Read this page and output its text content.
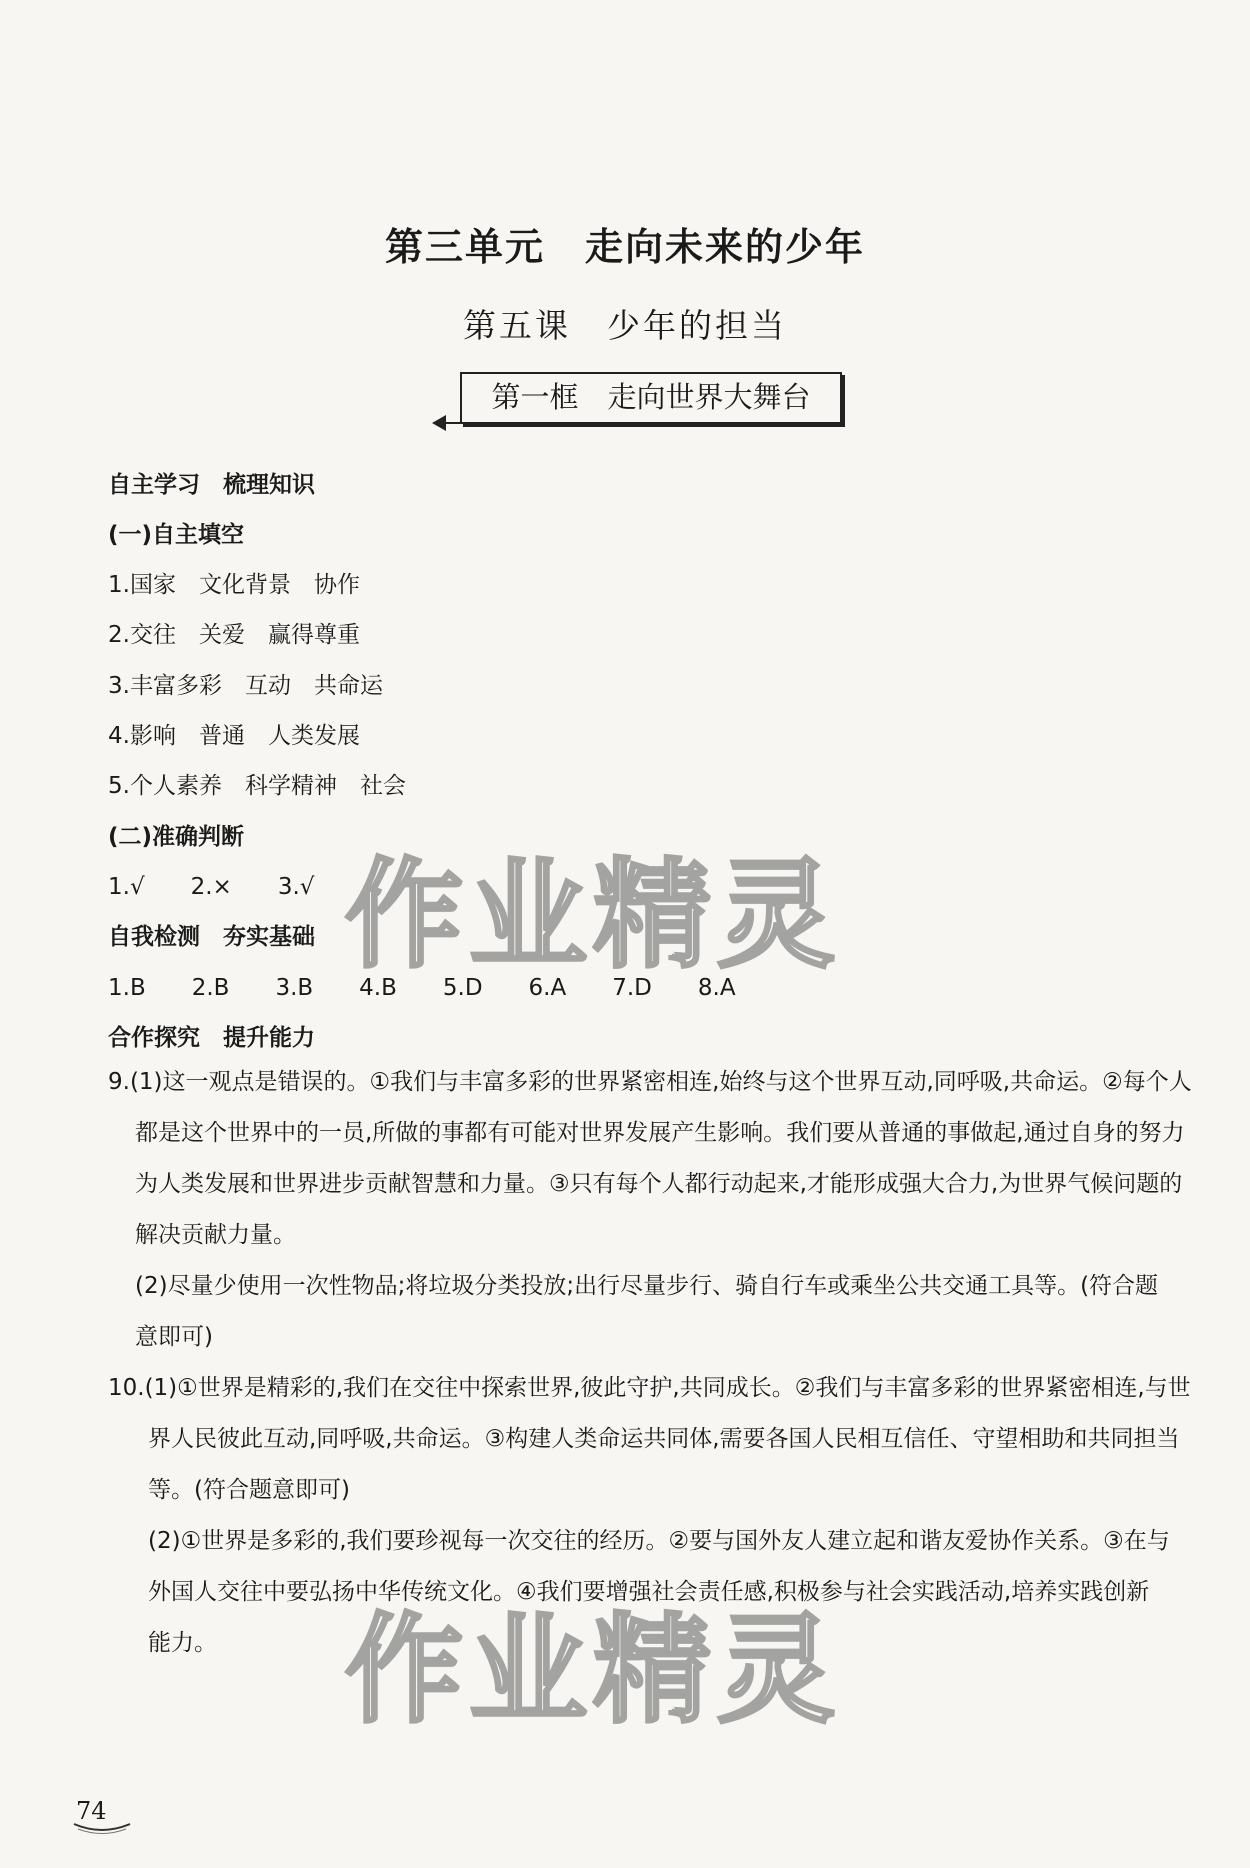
第三单元　走向未来的少年
第五课　少年的担当
第一框　走向世界大舞台
自主学习　梳理知识
(一)自主填空
1.国家　文化背景　协作
2.交往　关爱　赢得尊重
3.丰富多彩　互动　共命运
4.影响　普通　人类发展
5.个人素养　科学精神　社会
(二)准确判断
1.√　　2.×　　3.√
自我检测　夯实基础
1.B　　2.B　　3.B　　4.B　　5.D　　6.A　　7.D　　8.A
合作探究　提升能力
9.(1)这一观点是错误的。①我们与丰富多彩的世界紧密相连,始终与这个世界互动,同呼吸,共命运。②每个人都是这个世界中的一员,所做的事都有可能对世界发展产生影响。我们要从普通的事做起,通过自身的努力为人类发展和世界进步贡献智慧和力量。③只有每个人都行动起来,才能形成强大合力,为世界气候问题的解决贡献力量。
(2)尽量少使用一次性物品;将垃圾分类投放;出行尽量步行、骑自行车或乘坐公共交通工具等。(符合题意即可)
10.(1)①世界是精彩的,我们在交往中探索世界,彼此守护,共同成长。②我们与丰富多彩的世界紧密相连,与世界人民彼此互动,同呼吸,共命运。③构建人类命运共同体,需要各国人民相互信任、守望相助和共同担当等。(符合题意即可)
(2)①世界是多彩的,我们要珍视每一次交往的经历。②要与国外友人建立起和谐友爱协作关系。③在与外国人交往中要弘扬中华传统文化。④我们要增强社会责任感,积极参与社会实践活动,培养实践创新能力。
作业精灵
作业精灵
74
